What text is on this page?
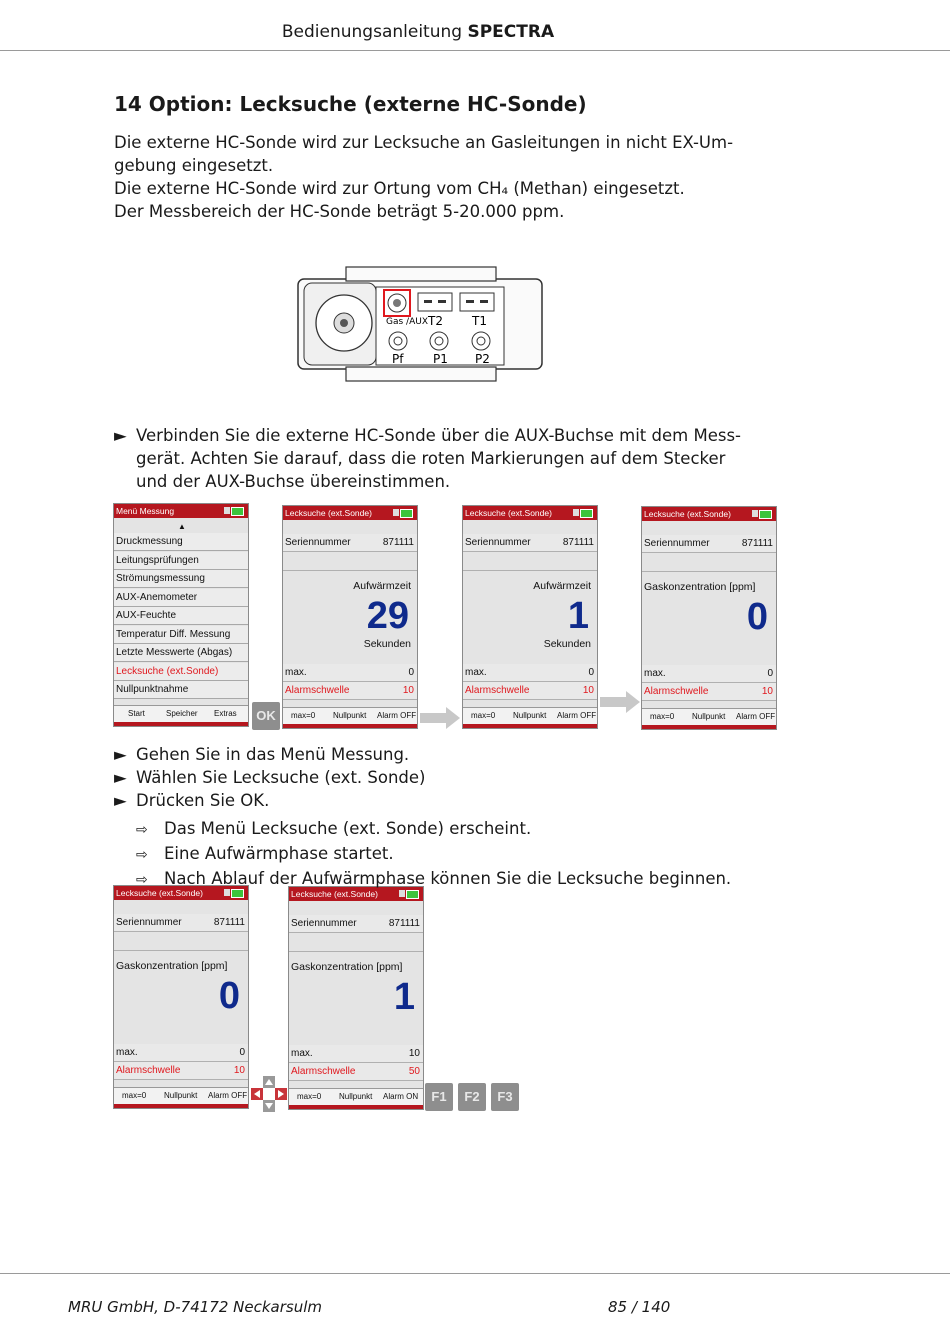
Bedienungsanleitung SPECTRA
14 Option: Lecksuche (externe HC-Sonde)
Die externe HC-Sonde wird zur Lecksuche an Gasleitungen in nicht EX-Um-
gebung eingesetzt.
Die externe HC-Sonde wird zur Ortung vom CH₄ (Methan) eingesetzt.
Der Messbereich der HC-Sonde beträgt 5-20.000 ppm.
Gas /AUX T2 T1
Pf P1 P2
► Verbinden Sie die externe HC-Sonde über die AUX-Buchse mit dem Mess-
gerät. Achten Sie darauf, dass die roten Markierungen auf dem Stecker
und der AUX-Buchse übereinstimmen.
Menü Messung
▲
Druckmessung
Leitungsprüfungen
Strömungsmessung
AUX-Anemometer
AUX-Feuchte
Temperatur Diff. Messung
Letzte Messwerte (Abgas)
Lecksuche (ext.Sonde)
Nullpunktnahme
Start	Speicher Extras	OK
Lecksuche (ext.Sonde)
Seriennummer	871111
Aufwärmzeit
29
Sekunden
max.	0
Alarmschwelle	10
max=0 Nullpunkt Alarm OFF
Lecksuche (ext.Sonde)
Seriennummer	871111
Aufwärmzeit
1
Sekunden
max.	0
Alarmschwelle	10
max=0 Nullpunkt Alarm OFF
Lecksuche (ext.Sonde)
Seriennummer	871111
Gaskonzentration [ppm]
0
max.	0
Alarmschwelle	10
max=0 Nullpunkt Alarm OFF
Lecksuche (ext.Sonde)
Seriennummer	871111
Gaskonzentration [ppm]
0
max.	0
Alarmschwelle	10
max=0 Nullpunkt Alarm OFF
Lecksuche (ext.Sonde)
Seriennummer	871111
Gaskonzentration [ppm]
1
max.	10
Alarmschwelle	50
max=0 Nullpunkt Alarm ON
► Gehen Sie in das Menü Messung.
► Wählen Sie Lecksuche (ext. Sonde)
► Drücken Sie OK.
⇨ Das Menü Lecksuche (ext. Sonde) erscheint.
⇨ Eine Aufwärmphase startet.
⇨ Nach Ablauf der Aufwärmphase können Sie die Lecksuche beginnen.
F1	F2	F3
MRU GmbH, D-74172 Neckarsulm	85 / 140
